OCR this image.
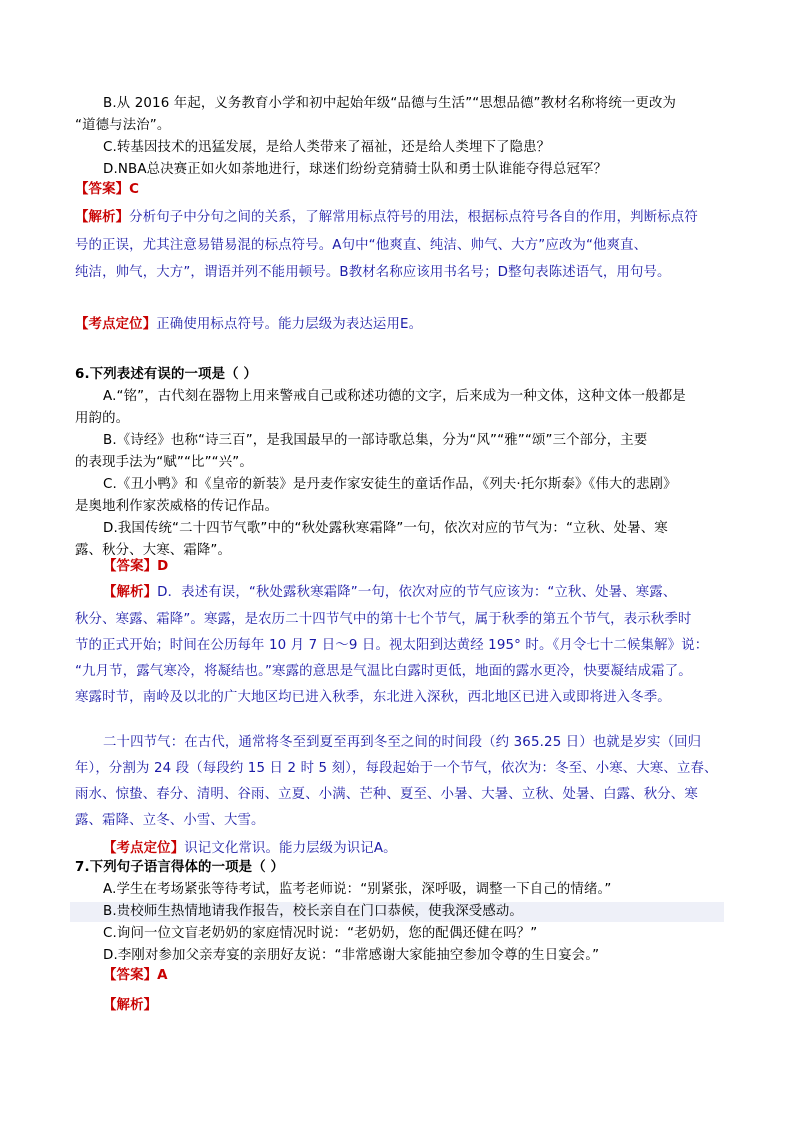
B.从 2016 年起，义务教育小学和初中起始年级“品德与生活”“思想品德”教材名称将统一更改为
“道德与法治”。
C.转基因技术的迅猛发展，是给人类带来了福祉，还是给人类埋下了隐患？
D.NBA总决赛正如火如荼地进行，球迷们纷纷竞猜骑士队和勇士队谁能夺得总冠军？
【答案】C
【解析】分析句子中分句之间的关系，了解常用标点符号的用法，根据标点符号各自的作用，判断标点符
号的正误，尤其注意易错易混的标点符号。A句中“他爽直、纯洁、帅气、大方”应改为“他爽直、
纯洁，帅气，大方”，谓语并列不能用顿号。B教材名称应该用书名号；D整句表陈述语气，用句号。
【考点定位】正确使用标点符号。能力层级为表达运用E。
6.下列表述有误的一项是（ ）
A.“铭”，古代刻在器物上用来警戒自己或称述功德的文字，后来成为一种文体，这种文体一般都是
用韵的。
B.《诗经》也称“诗三百”，是我国最早的一部诗歌总集，分为“风”“雅”“颂”三个部分，主要
的表现手法为“赋”“比”“兴”。
C.《丑小鸭》和《皇帝的新装》是丹麦作家安徒生的童话作品，《列夫·托尔斯泰》《伟大的悲剧》
是奥地利作家茨威格的传记作品。
D.我国传统“二十四节气歌”中的“秋处露秋寒霜降”一句，依次对应的节气为：“立秋、处暑、寒
露、秋分、大寒、霜降”。
【答案】D
【解析】D．表述有误，“秋处露秋寒霜降”一句，依次对应的节气应该为：“立秋、处暑、寒露、
秋分、寒露、霜降”。寒露，是农历二十四节气中的第十七个节气，属于秋季的第五个节气，表示秋季时
节的正式开始；时间在公历每年 10 月 7 日～9 日。视太阳到达黄经 195° 时。《月令七十二候集解》说：
“九月节，露气寒冷，将凝结也。”寒露的意思是气温比白露时更低，地面的露水更冷，快要凝结成霜了。
寒露时节，南岭及以北的广大地区均已进入秋季，东北进入深秋，西北地区已进入或即将进入冬季。
二十四节气：在古代，通常将冬至到夏至再到冬至之间的时间段（约 365.25 日）也就是岁实（回归
年），分割为 24 段（每段约 15 日 2 时 5 刻），每段起始于一个节气，依次为：冬至、小寒、大寒、立春、
雨水、惊蛰、春分、清明、谷雨、立夏、小满、芒种、夏至、小暑、大暑、立秋、处暑、白露、秋分、寒
露、霜降、立冬、小雪、大雪。
【考点定位】识记文化常识。能力层级为识记A。
7.下列句子语言得体的一项是（ ）
A.学生在考场紧张等待考试，监考老师说：“别紧张，深呼吸，调整一下自己的情绪。”
B.贵校师生热情地请我作报告，校长亲自在门口恭候，使我深受感动。
C.询问一位文盲老奶奶的家庭情况时说：“老奶奶，您的配偶还健在吗？”
D.李刚对参加父亲寿宴的亲朋好友说：“非常感谢大家能抽空参加令尊的生日宴会。”
【答案】A
【解析】
